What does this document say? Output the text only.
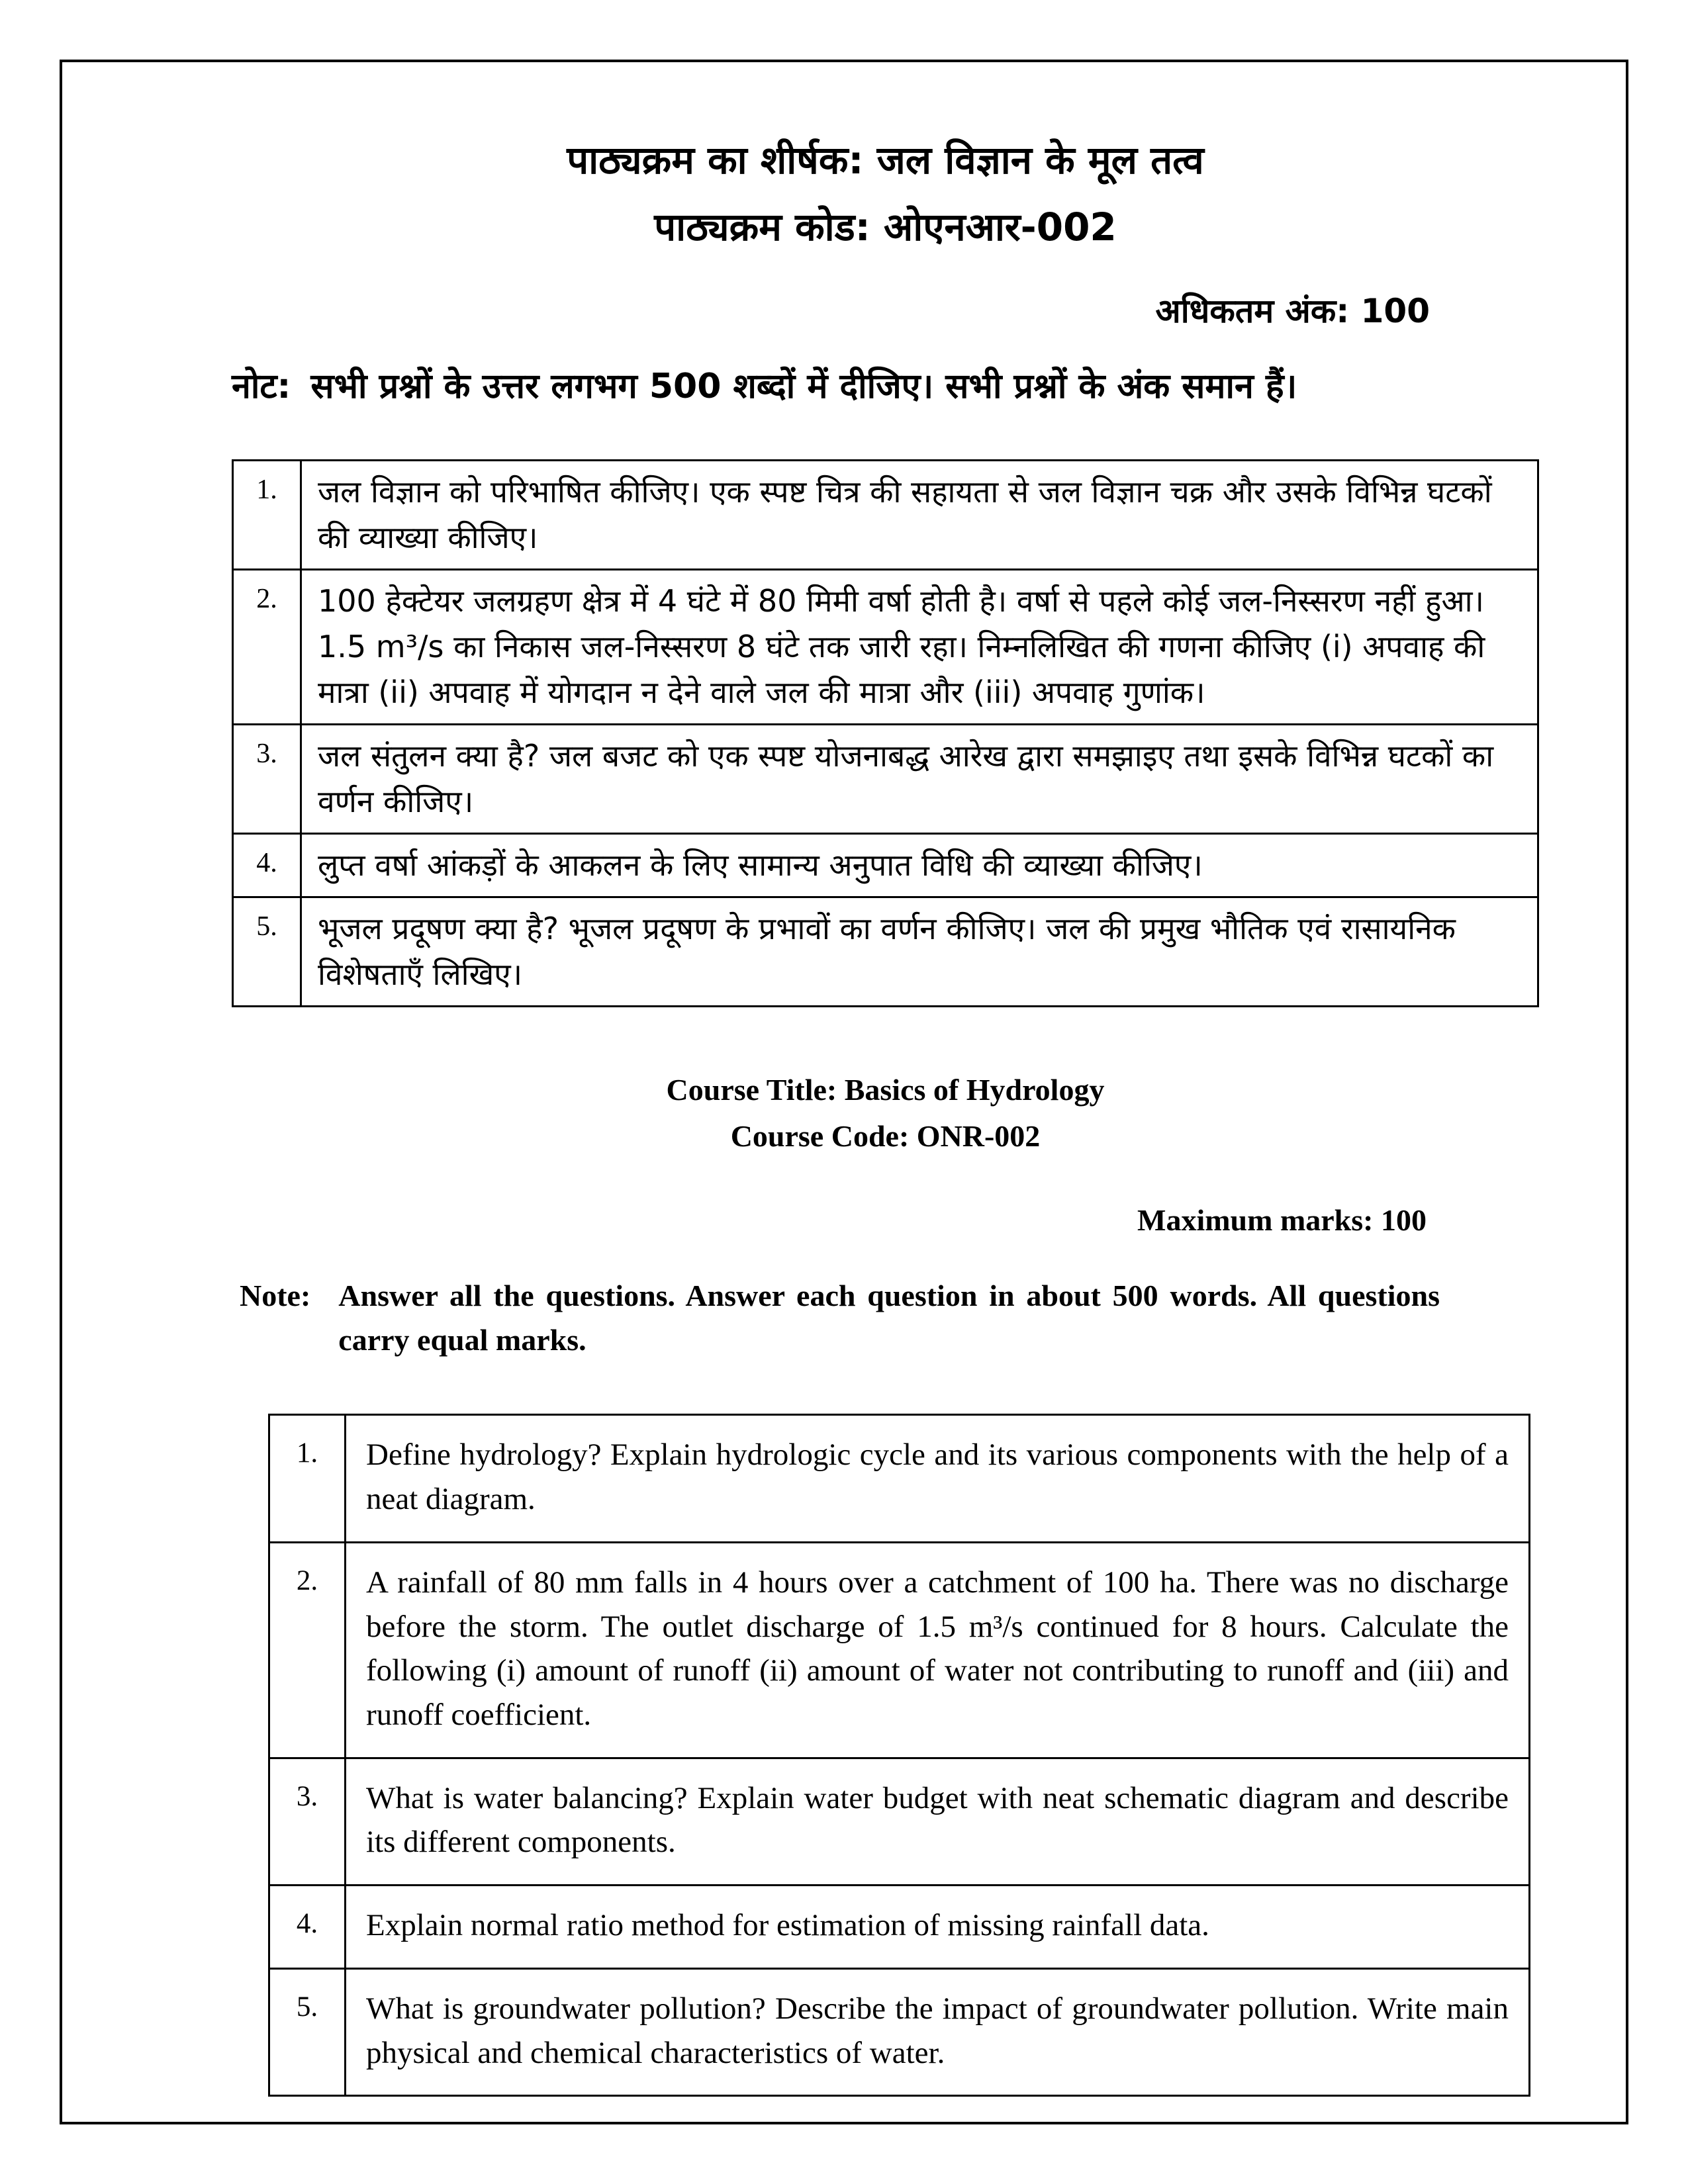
पाठ्यक्रम का शीर्षक: जल विज्ञान के मूल तत्व
पाठ्यक्रम कोड: ओएनआर-002
अधिकतम अंक: 100
नोट: सभी प्रश्नों के उत्तर लगभग 500 शब्दों में दीजिए। सभी प्रश्नों के अंक समान हैं।
1.	जल विज्ञान को परिभाषित कीजिए। एक स्पष्ट चित्र की सहायता से जल विज्ञान चक्र और उसके विभिन्न घटकों की व्याख्या कीजिए।
2.	100 हेक्टेयर जलग्रहण क्षेत्र में 4 घंटे में 80 मिमी वर्षा होती है। वर्षा से पहले कोई जल-निस्सरण नहीं हुआ। 1.5 m³/s का निकास जल-निस्सरण 8 घंटे तक जारी रहा। निम्नलिखित की गणना कीजिए (i) अपवाह की मात्रा (ii) अपवाह में योगदान न देने वाले जल की मात्रा और (iii) अपवाह गुणांक।
3.	जल संतुलन क्या है? जल बजट को एक स्पष्ट योजनाबद्ध आरेख द्वारा समझाइए तथा इसके विभिन्न घटकों का वर्णन कीजिए।
4.	लुप्त वर्षा आंकड़ों के आकलन के लिए सामान्य अनुपात विधि की व्याख्या कीजिए।
5.	भूजल प्रदूषण क्या है? भूजल प्रदूषण के प्रभावों का वर्णन कीजिए। जल की प्रमुख भौतिक एवं रासायनिक विशेषताएँ लिखिए।
Course Title: Basics of Hydrology
Course Code: ONR-002
Maximum marks: 100
Note: Answer all the questions. Answer each question in about 500 words. All questions carry equal marks.
1.	Define hydrology? Explain hydrologic cycle and its various components with the help of a neat diagram.
2.	A rainfall of 80 mm falls in 4 hours over a catchment of 100 ha. There was no discharge before the storm. The outlet discharge of 1.5 m³/s continued for 8 hours. Calculate the following (i) amount of runoff (ii) amount of water not contributing to runoff and (iii) and runoff coefficient.
3.	What is water balancing? Explain water budget with neat schematic diagram and describe its different components.
4.	Explain normal ratio method for estimation of missing rainfall data.
5.	What is groundwater pollution? Describe the impact of groundwater pollution. Write main physical and chemical characteristics of water.
